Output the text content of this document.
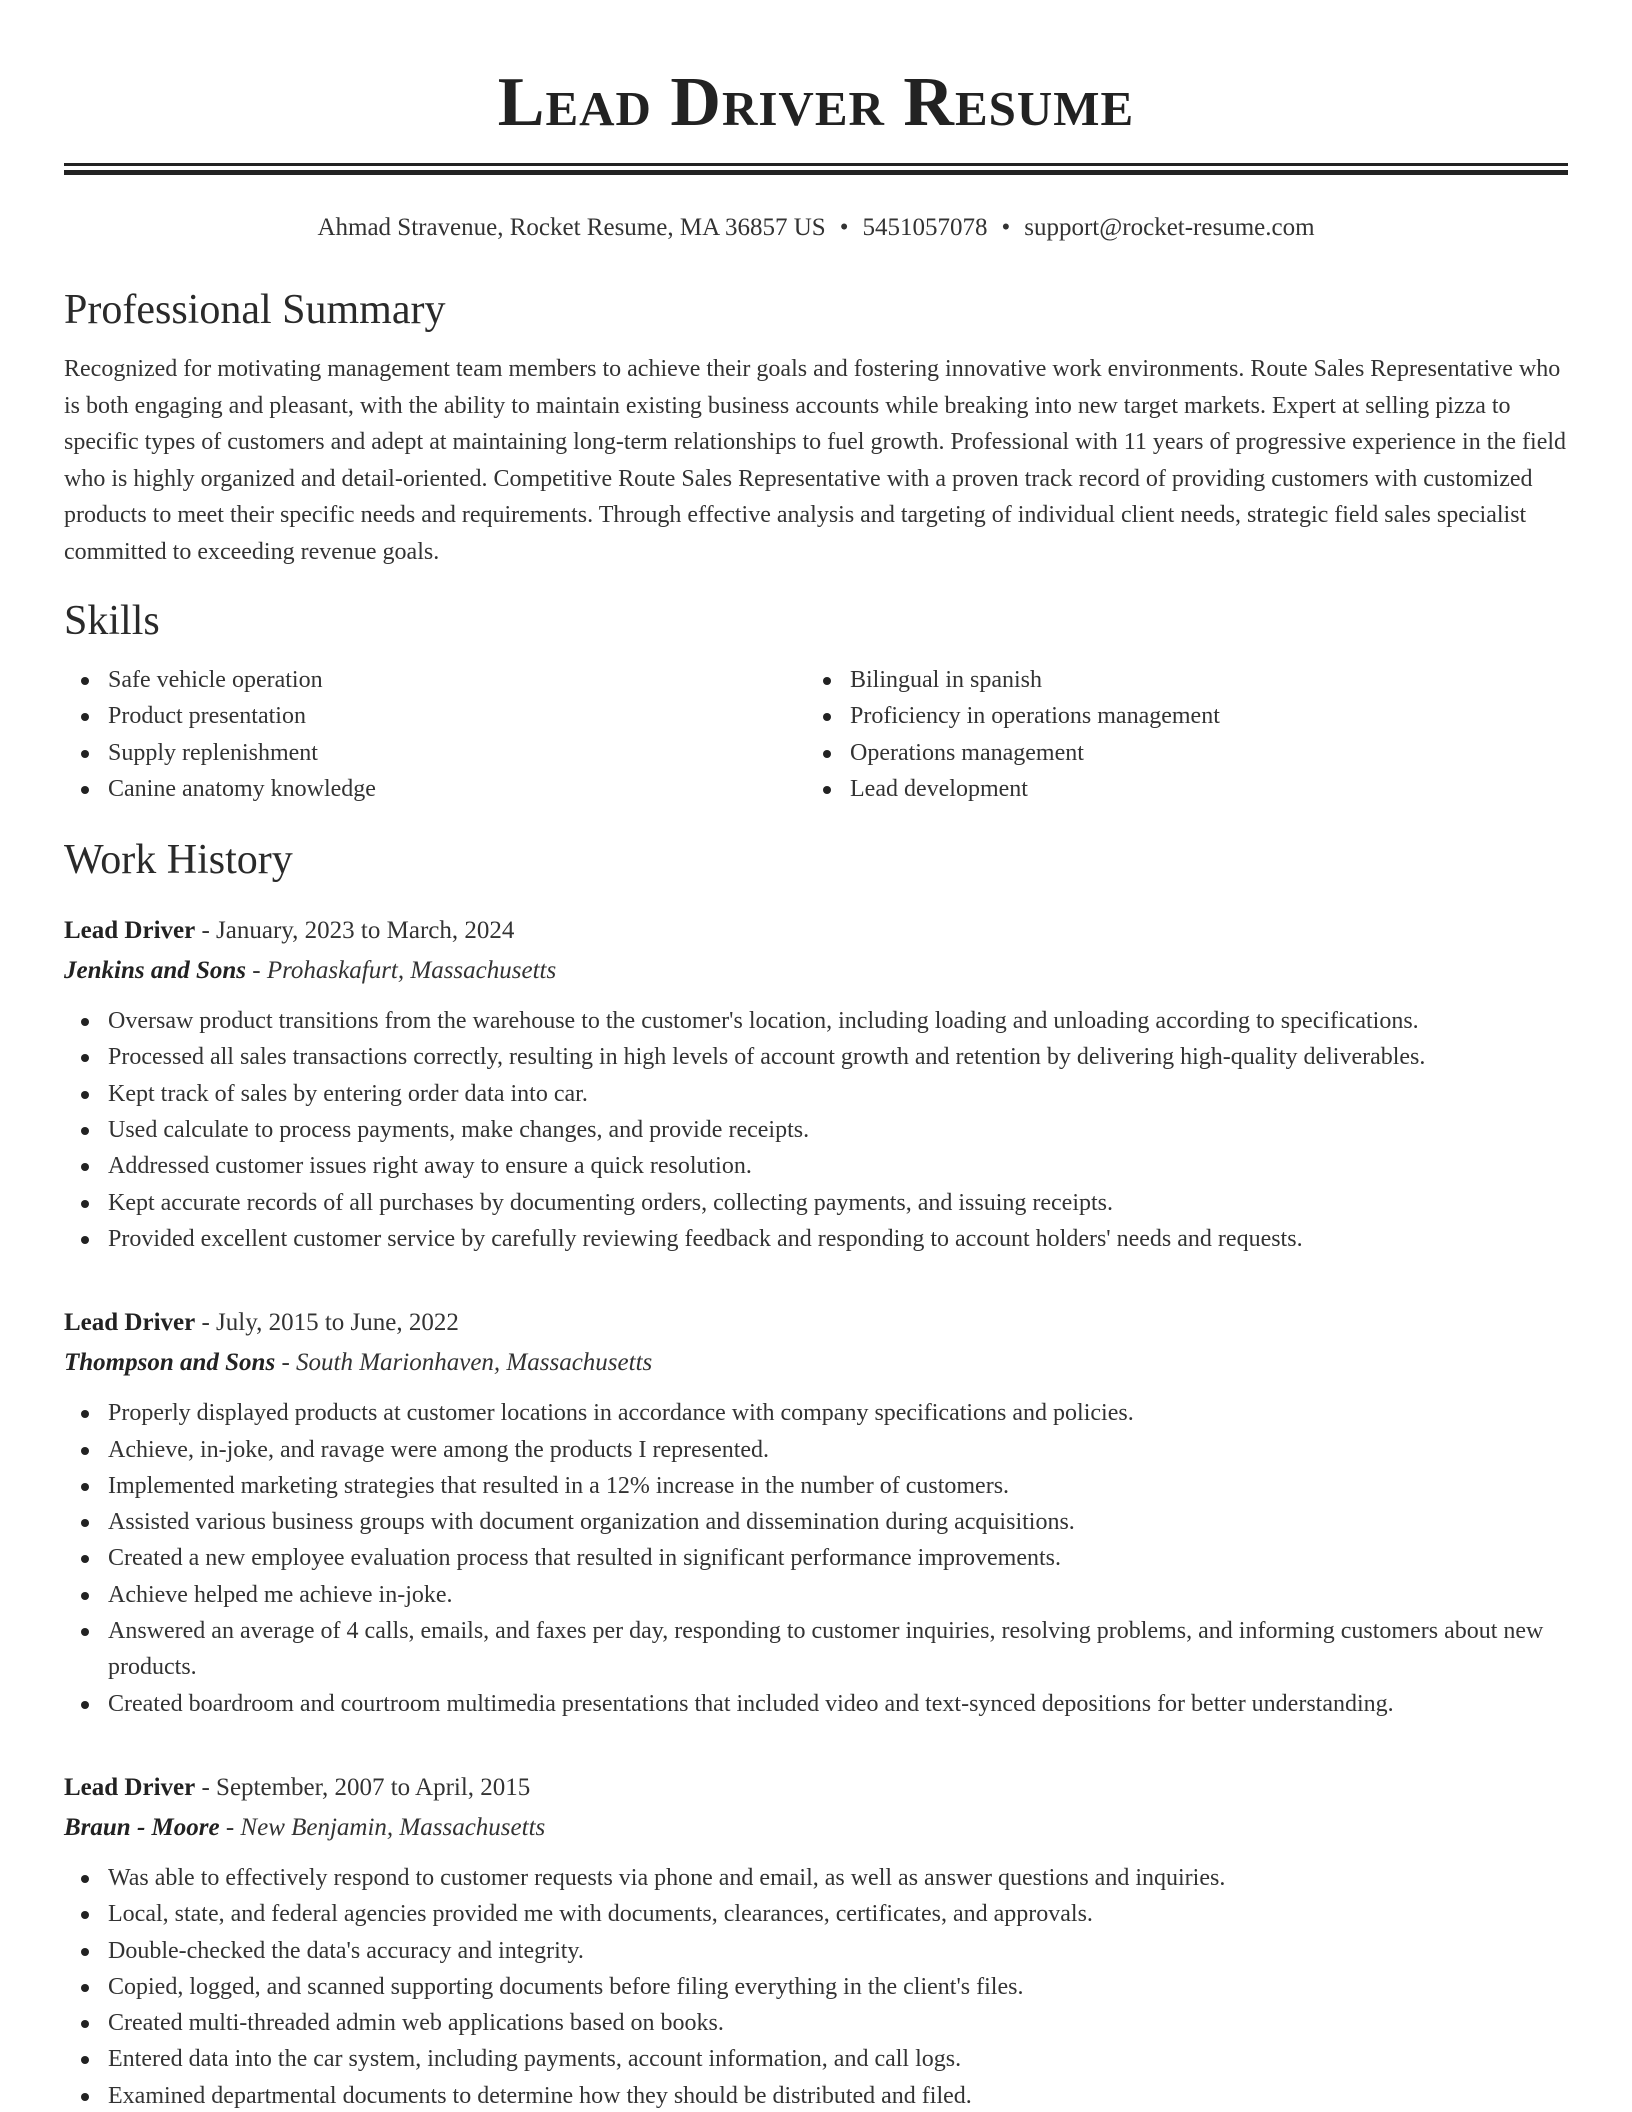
Lead Driver Resume
Ahmad Stravenue, Rocket Resume, MA 36857 US • 5451057078 • support@rocket-resume.com
Professional Summary

Recognized for motivating management team members to achieve their goals and fostering innovative work environments. Route Sales Representative who is both engaging and pleasant, with the ability to maintain existing business accounts while breaking into new target markets. Expert at selling pizza to specific types of customers and adept at maintaining long-term relationships to fuel growth. Professional with 11 years of progressive experience in the field who is highly organized and detail-oriented. Competitive Route Sales Representative with a proven track record of providing customers with customized products to meet their specific needs and requirements. Through effective analysis and targeting of individual client needs, strategic field sales specialist committed to exceeding revenue goals.

Skills
Safe vehicle operation
Product presentation
Supply replenishment
Canine anatomy knowledge
Bilingual in spanish
Proficiency in operations management
Operations management
Lead development
Work History
Lead Driver - January, 2023 to March, 2024
Jenkins and Sons - Prohaskafurt, Massachusetts
Oversaw product transitions from the warehouse to the customer's location, including loading and unloading according to specifications.
Processed all sales transactions correctly, resulting in high levels of account growth and retention by delivering high-quality deliverables.
Kept track of sales by entering order data into car.
Used calculate to process payments, make changes, and provide receipts.
Addressed customer issues right away to ensure a quick resolution.
Kept accurate records of all purchases by documenting orders, collecting payments, and issuing receipts.
Provided excellent customer service by carefully reviewing feedback and responding to account holders' needs and requests.
Lead Driver - July, 2015 to June, 2022
Thompson and Sons - South Marionhaven, Massachusetts
Properly displayed products at customer locations in accordance with company specifications and policies.
Achieve, in-joke, and ravage were among the products I represented.
Implemented marketing strategies that resulted in a 12% increase in the number of customers.
Assisted various business groups with document organization and dissemination during acquisitions.
Created a new employee evaluation process that resulted in significant performance improvements.
Achieve helped me achieve in-joke.
Answered an average of 4 calls, emails, and faxes per day, responding to customer inquiries, resolving problems, and informing customers about new products.
Created boardroom and courtroom multimedia presentations that included video and text-synced depositions for better understanding.
Lead Driver - September, 2007 to April, 2015
Braun - Moore - New Benjamin, Massachusetts
Was able to effectively respond to customer requests via phone and email, as well as answer questions and inquiries.
Local, state, and federal agencies provided me with documents, clearances, certificates, and approvals.
Double-checked the data's accuracy and integrity.
Copied, logged, and scanned supporting documents before filing everything in the client's files.
Created multi-threaded admin web applications based on books.
Entered data into the car system, including payments, account information, and call logs.
Examined departmental documents to determine how they should be distributed and filed.
